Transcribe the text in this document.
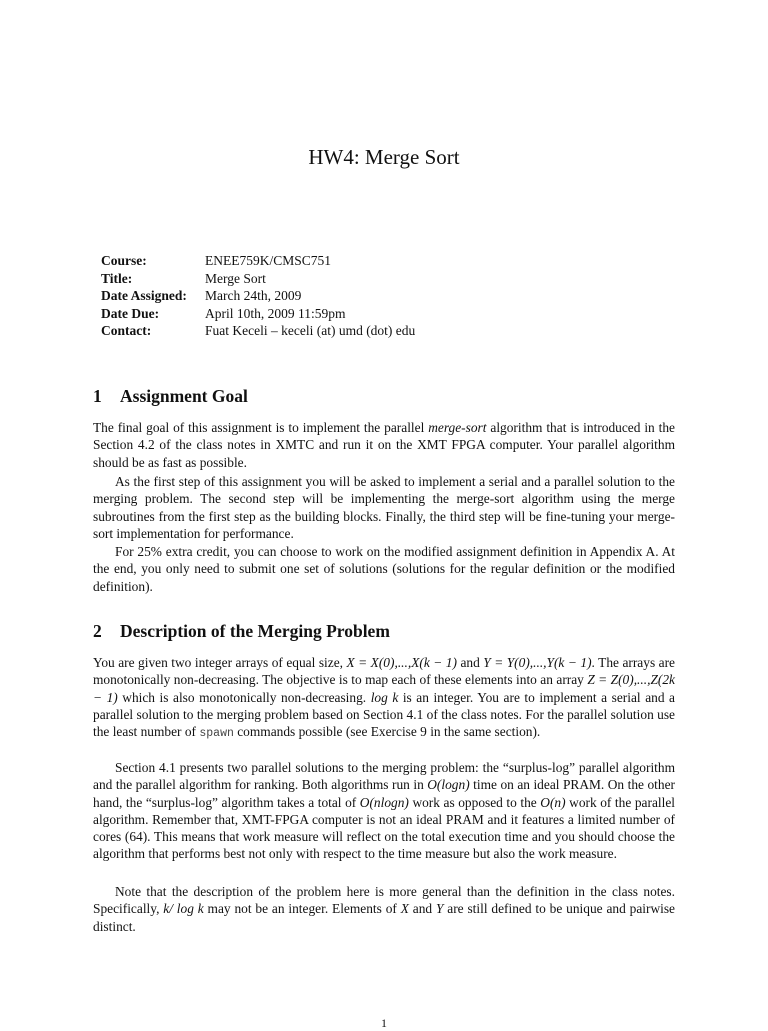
HW4: Merge Sort
Course:	ENEE759K/CMSC751
Title:	Merge Sort
Date Assigned:	March 24th, 2009
Date Due:	April 10th, 2009 11:59pm
Contact:	Fuat Keceli – keceli (at) umd (dot) edu
1 Assignment Goal

The final goal of this assignment is to implement the parallel merge-sort algorithm that is introduced in the Section 4.2 of the class notes in XMTC and run it on the XMT FPGA computer. Your parallel algorithm should be as fast as possible.

As the first step of this assignment you will be asked to implement a serial and a parallel solution to the merging problem. The second step will be implementing the merge-sort algorithm using the merge subroutines from the first step as the building blocks. Finally, the third step will be fine-tuning your merge-sort implementation for performance.

For 25% extra credit, you can choose to work on the modified assignment definition in Appendix A. At the end, you only need to submit one set of solutions (solutions for the regular definition or the modified definition).

2 Description of the Merging Problem

You are given two integer arrays of equal size, X = X(0),...,X(k − 1) and Y = Y(0),...,Y(k − 1). The arrays are monotonically non-decreasing. The objective is to map each of these elements into an array Z = Z(0),...,Z(2k − 1) which is also monotonically non-decreasing. log k is an integer. You are to implement a serial and a parallel solution to the merging problem based on Section 4.1 of the class notes. For the parallel solution use the least number of spawn commands possible (see Exercise 9 in the same section).

Section 4.1 presents two parallel solutions to the merging problem: the “surplus-log” parallel algorithm and the parallel algorithm for ranking. Both algorithms run in O(logn) time on an ideal PRAM. On the other hand, the “surplus-log” algorithm takes a total of O(nlogn) work as opposed to the O(n) work of the parallel algorithm. Remember that, XMT-FPGA computer is not an ideal PRAM and it features a limited number of cores (64). This means that work measure will reflect on the total execution time and you should choose the algorithm that performs best not only with respect to the time measure but also the work measure.

Note that the description of the problem here is more general than the definition in the class notes. Specifically, k/ log k may not be an integer. Elements of X and Y are still defined to be unique and pairwise distinct.

1
